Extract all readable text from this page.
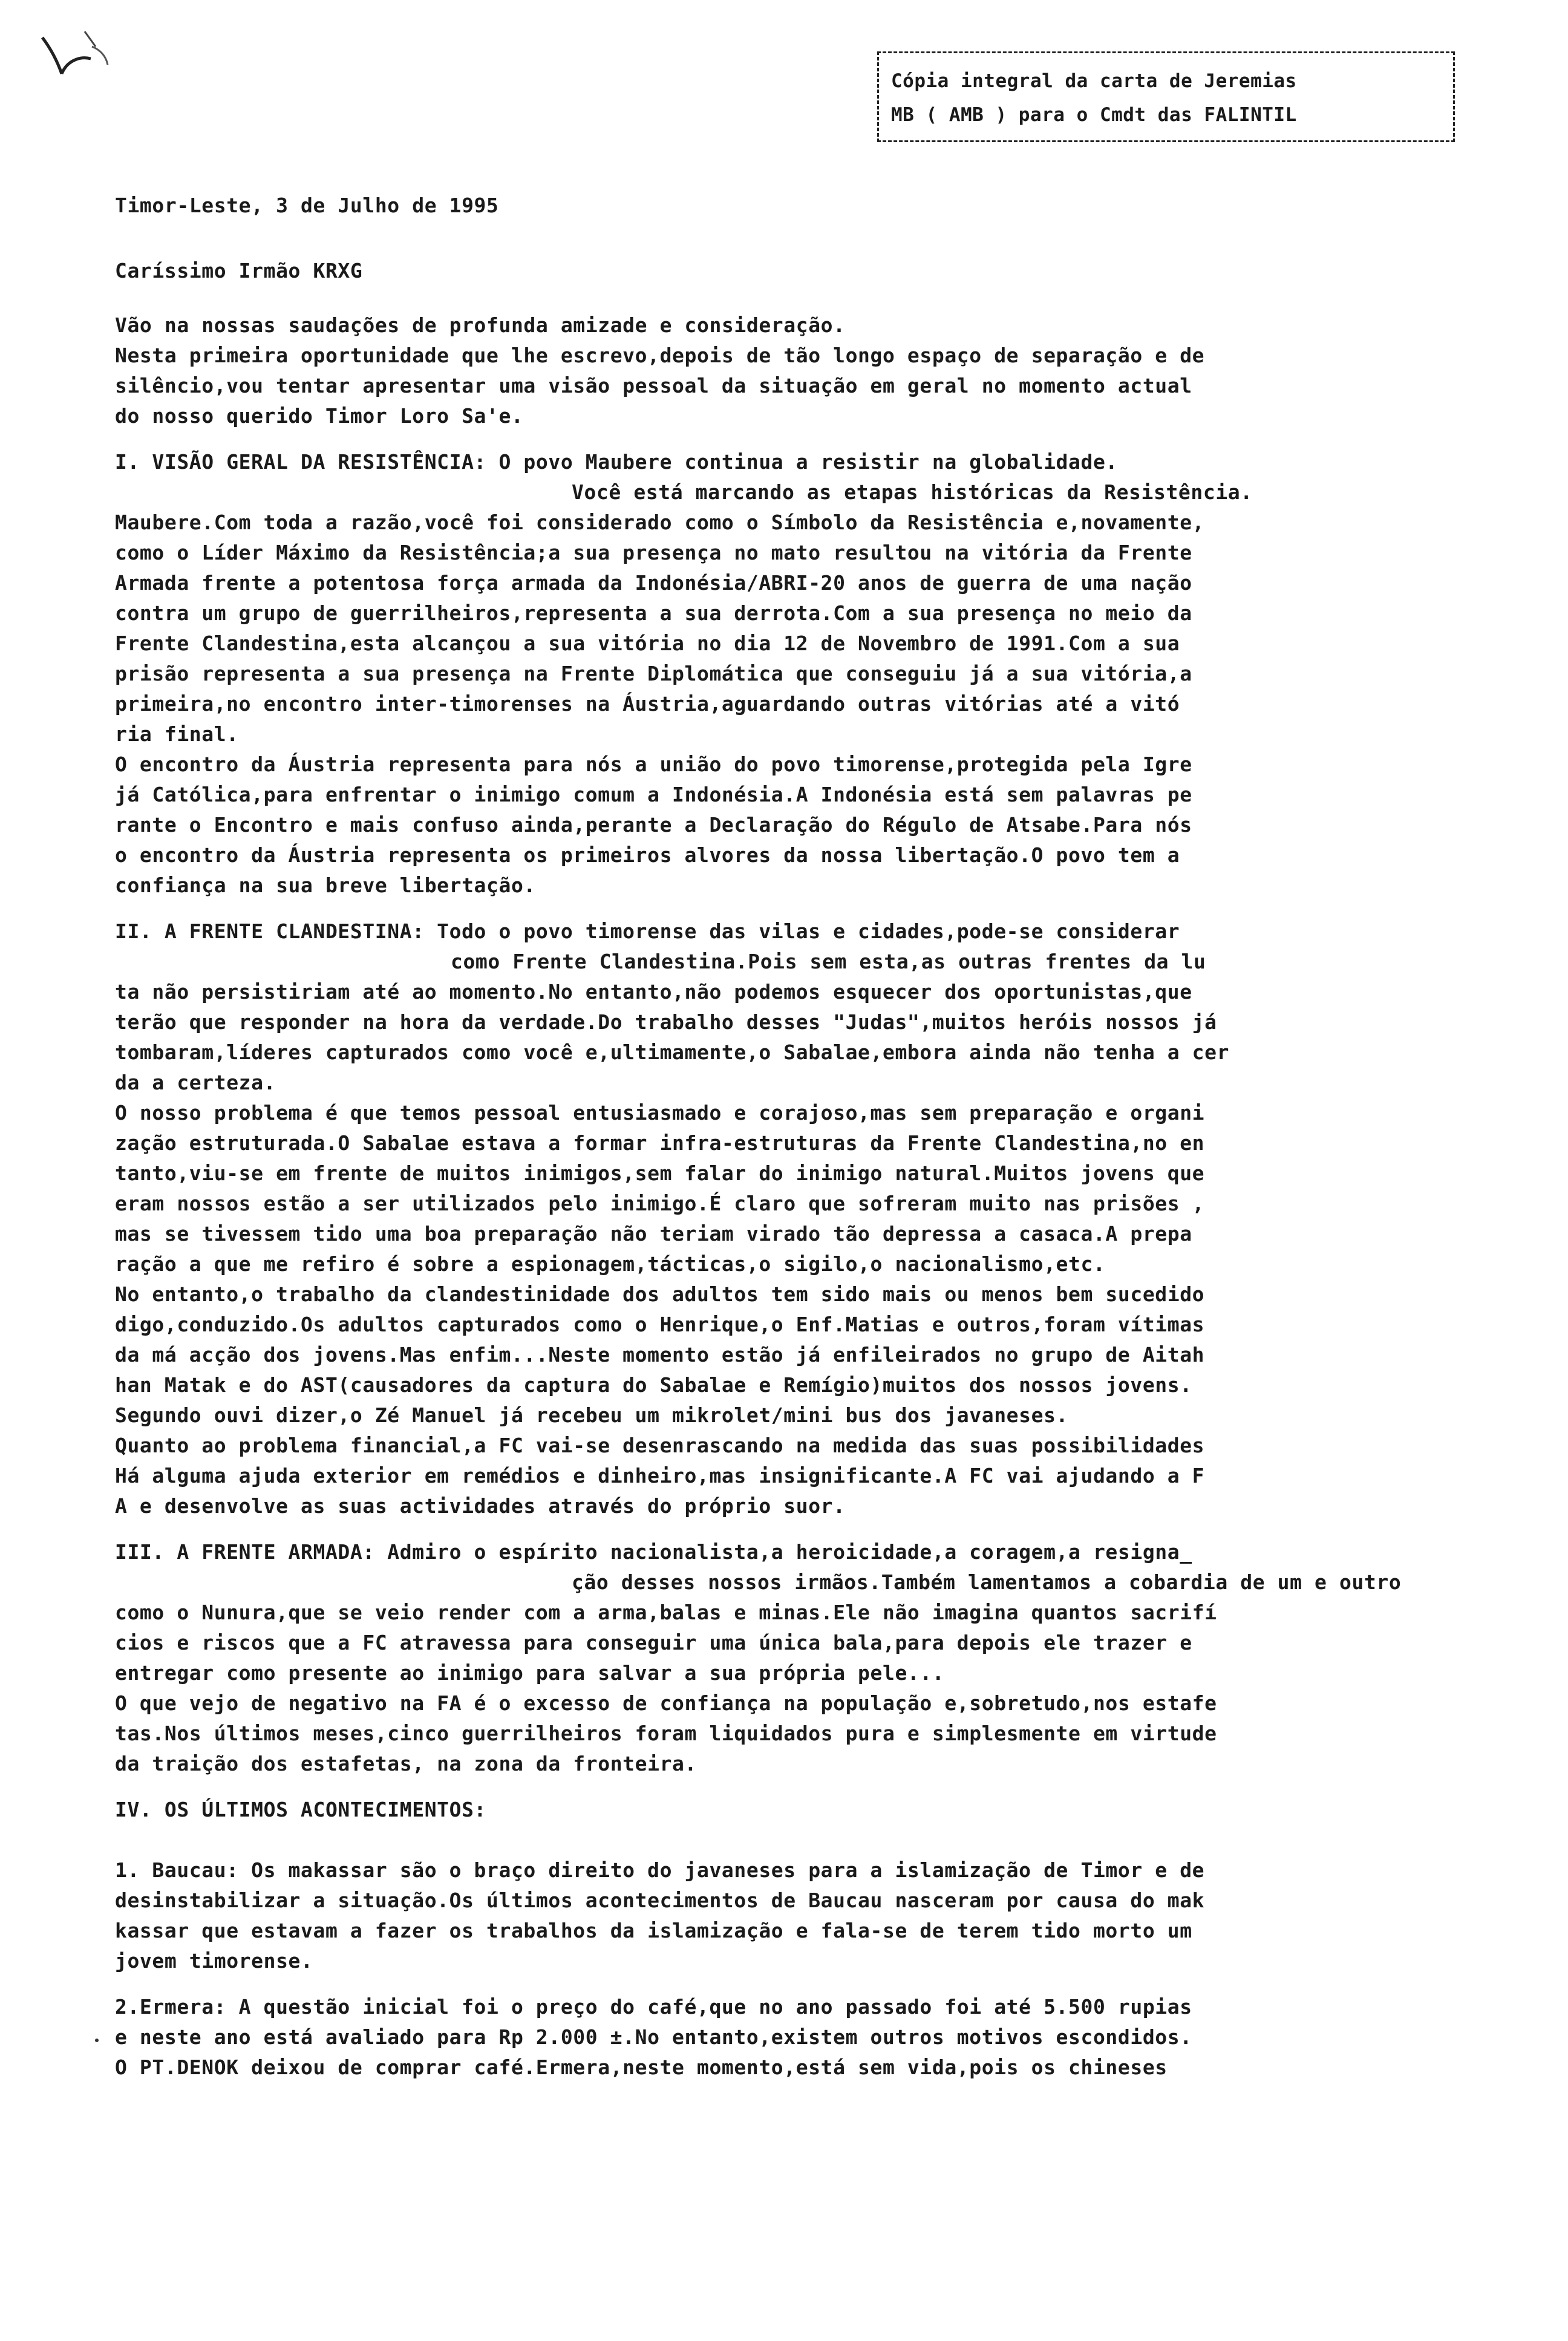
Cópia integral da carta de Jeremias
MB ( AMB ) para o Cmdt das FALINTIL
Timor-Leste, 3 de Julho de 1995
Caríssimo Irmão KRXG
Vão na nossas saudações de profunda amizade e consideração.
Nesta primeira oportunidade que lhe escrevo,depois de tão longo espaço de separação e de
silêncio,vou tentar apresentar uma visão pessoal da situação em geral no momento actual
do nosso querido Timor Loro Sa'e.
I. VISÃO GERAL DA RESISTÊNCIA: O povo Maubere continua a resistir na globalidade.
Você está marcando as etapas históricas da Resistência.
Maubere.Com toda a razão,você foi considerado como o Símbolo da Resistência e,novamente,
como o Líder Máximo da Resistência;a sua presença no mato resultou na vitória da Frente
Armada frente a potentosa força armada da Indonésia/ABRI-20 anos de guerra de uma nação
contra um grupo de guerrilheiros,representa a sua derrota.Com a sua presença no meio da
Frente Clandestina,esta alcançou a sua vitória no dia 12 de Novembro de 1991.Com a sua
prisão representa a sua presença na Frente Diplomática que conseguiu já a sua vitória,a
primeira,no encontro inter-timorenses na Áustria,aguardando outras vitórias até a vitó
ria final.
O encontro da Áustria representa para nós a união do povo timorense,protegida pela Igre
já Católica,para enfrentar o inimigo comum a Indonésia.A Indonésia está sem palavras pe
rante o Encontro e mais confuso ainda,perante a Declaração do Régulo de Atsabe.Para nós
o encontro da Áustria representa os primeiros alvores da nossa libertação.O povo tem a
confiança na sua breve libertação.
II. A FRENTE CLANDESTINA: Todo o povo timorense das vilas e cidades,pode-se considerar
como Frente Clandestina.Pois sem esta,as outras frentes da lu
ta não persistiriam até ao momento.No entanto,não podemos esquecer dos oportunistas,que
terão que responder na hora da verdade.Do trabalho desses "Judas",muitos heróis nossos já
tombaram,líderes capturados como você e,ultimamente,o Sabalae,embora ainda não tenha a cer
da a certeza.
O nosso problema é que temos pessoal entusiasmado e corajoso,mas sem preparação e organi
zação estruturada.O Sabalae estava a formar infra-estruturas da Frente Clandestina,no en
tanto,viu-se em frente de muitos inimigos,sem falar do inimigo natural.Muitos jovens que
eram nossos estão a ser utilizados pelo inimigo.É claro que sofreram muito nas prisões ,
mas se tivessem tido uma boa preparação não teriam virado tão depressa a casaca.A prepa
ração a que me refiro é sobre a espionagem,tácticas,o sigilo,o nacionalismo,etc.
No entanto,o trabalho da clandestinidade dos adultos tem sido mais ou menos bem sucedido
digo,conduzido.Os adultos capturados como o Henrique,o Enf.Matias e outros,foram vítimas
da má acção dos jovens.Mas enfim...Neste momento estão já enfileirados no grupo de Aitah
han Matak e do AST(causadores da captura do Sabalae e Remígio)muitos dos nossos jovens.
Segundo ouvi dizer,o Zé Manuel já recebeu um mikrolet/mini bus dos javaneses.
Quanto ao problema financial,a FC vai-se desenrascando na medida das suas possibilidades
Há alguma ajuda exterior em remédios e dinheiro,mas insignificante.A FC vai ajudando a F
A e desenvolve as suas actividades através do próprio suor.
III. A FRENTE ARMADA: Admiro o espírito nacionalista,a heroicidade,a coragem,a resigna_
ção desses nossos irmãos.Também lamentamos a cobardia de um e outro
como o Nunura,que se veio render com a arma,balas e minas.Ele não imagina quantos sacrifí
cios e riscos que a FC atravessa para conseguir uma única bala,para depois ele trazer e
entregar como presente ao inimigo para salvar a sua própria pele...
O que vejo de negativo na FA é o excesso de confiança na população e,sobretudo,nos estafe
tas.Nos últimos meses,cinco guerrilheiros foram liquidados pura e simplesmente em virtude
da traição dos estafetas, na zona da fronteira.
IV. OS ÚLTIMOS ACONTECIMENTOS:
1. Baucau: Os makassar são o braço direito do javaneses para a islamização de Timor e de
desinstabilizar a situação.Os últimos acontecimentos de Baucau nasceram por causa do mak
kassar que estavam a fazer os trabalhos da islamização e fala-se de terem tido morto um
jovem timorense.
2.Ermera: A questão inicial foi o preço do café,que no ano passado foi até 5.500 rupias
e neste ano está avaliado para Rp 2.000 ±.No entanto,existem outros motivos escondidos.
O PT.DENOK deixou de comprar café.Ermera,neste momento,está sem vida,pois os chineses
